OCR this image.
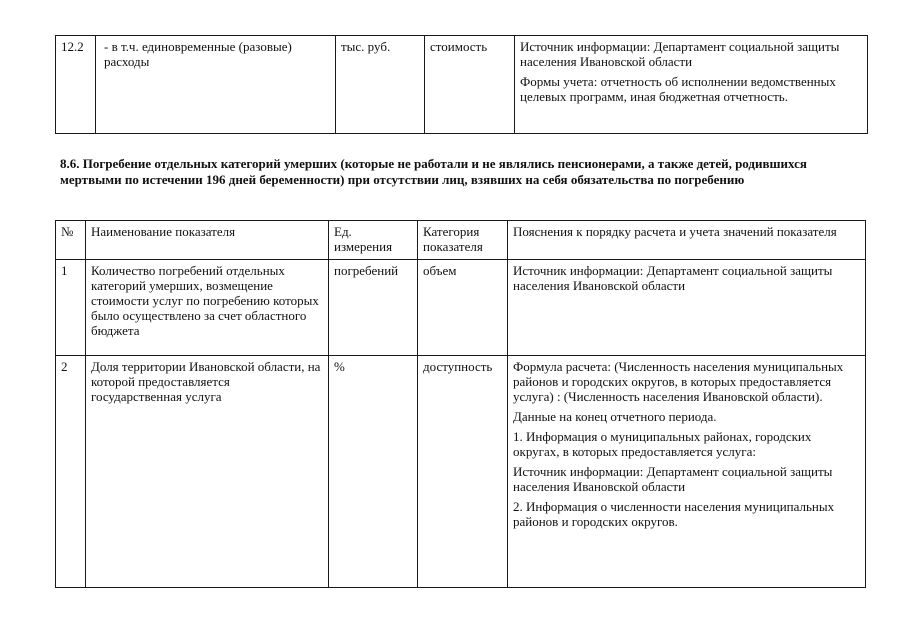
12.2	- в т.ч. единовременные (разовые) расходы	тыс. руб.	стоимость	Источник информации: Департамент социальной защиты населения Ивановской области

Формы учета: отчетность об исполнении ведомственных целевых программ, иная бюджетная отчетность.

8.6. Погребение отдельных категорий умерших (которые не работали и не являлись пенсионерами, а также детей, родившихся мертвыми по истечении 196 дней беременности) при отсутствии лиц, взявших на себя обязательства по погребению
№	Наименование показателя	Ед. измерения	Категория показателя	Пояснения к порядку расчета и учета значений показателя
1	Количество погребений отдельных категорий умерших, возмещение стоимости услуг по погребению которых было осуществлено за счет областного бюджета	погребений	объем	Источник информации: Департамент социальной защиты населения Ивановской области

2	Доля территории Ивановской области, на которой предоставляется государственная услуга	%	доступность	Формула расчета: (Численность населения муниципальных районов и городских округов, в которых предоставляется услуга) : (Численность населения Ивановской области).

Данные на конец отчетного периода.

1. Информация о муниципальных районах, городских округах, в которых предоставляется услуга:

Источник информации: Департамент социальной защиты населения Ивановской области

2. Информация о численности населения муниципальных районов и городских округов.
